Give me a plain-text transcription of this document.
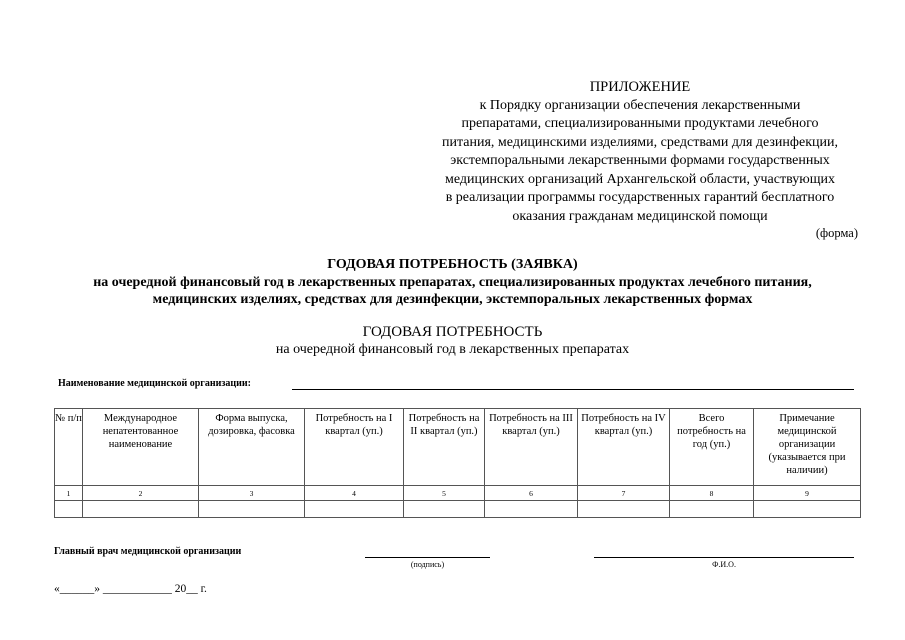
ПРИЛОЖЕНИЕ
к Порядку организации обеспечения лекарственными
препаратами, специализированными продуктами лечебного
питания, медицинскими изделиями, средствами для дезинфекции,
экстемпоральными лекарственными формами государственных
медицинских организаций Архангельской области, участвующих
в реализации программы государственных гарантий бесплатного
оказания гражданам медицинской помощи
(форма)
ГОДОВАЯ ПОТРЕБНОСТЬ (ЗАЯВКА)
на очередной финансовый год в лекарственных препаратах, специализированных продуктах лечебного питания,
медицинских изделиях, средствах для дезинфекции, экстемпоральных лекарственных формах
ГОДОВАЯ ПОТРЕБНОСТЬ
на очередной финансовый год в лекарственных препаратах
Наименование медицинской организации:
№ п/п	Международное непатентованное наименование	Форма выпуска, дозировка, фасовка	Потребность на I квартал (уп.)	Потребность на II квартал (уп.)	Потребность на III квартал (уп.)	Потребность на IV квартал (уп.)	Всего потребность на год (уп.)	Примечание медицинской организации (указывается при наличии)
1	2	3	4	5	6	7	8	9

Главный врач медицинской организации
(подпись)	Ф.И.О.
«______» ____________ 20__ г.
